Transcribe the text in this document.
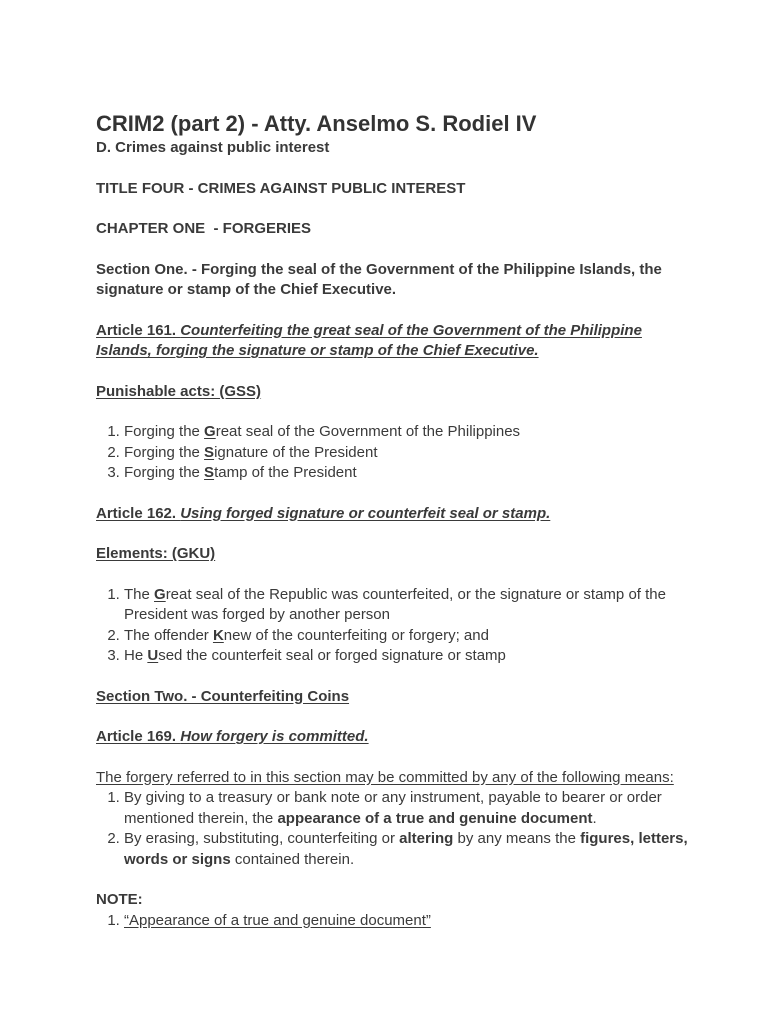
CRIM2 (part 2) - Atty. Anselmo S. Rodiel IV

D. Crimes against public interest

TITLE FOUR - CRIMES AGAINST PUBLIC INTEREST

CHAPTER ONE  - FORGERIES

Section One. - Forging the seal of the Government of the Philippine Islands, the signature or stamp of the Chief Executive.

Article 161. Counterfeiting the great seal of the Government of the Philippine Islands, forging the signature or stamp of the Chief Executive.

Punishable acts: (GSS)

1. Forging the Great seal of the Government of the Philippines
2. Forging the Signature of the President
3. Forging the Stamp of the President

Article 162. Using forged signature or counterfeit seal or stamp.

Elements: (GKU)

1. The Great seal of the Republic was counterfeited, or the signature or stamp of the President was forged by another person
2. The offender Knew of the counterfeiting or forgery; and
3. He Used the counterfeit seal or forged signature or stamp

Section Two. - Counterfeiting Coins

Article 169. How forgery is committed.

The forgery referred to in this section may be committed by any of the following means:

1. By giving to a treasury or bank note or any instrument, payable to bearer or order mentioned therein, the appearance of a true and genuine document.
2. By erasing, substituting, counterfeiting or altering by any means the figures, letters, words or signs contained therein.

NOTE:

1. “Appearance of a true and genuine document”
